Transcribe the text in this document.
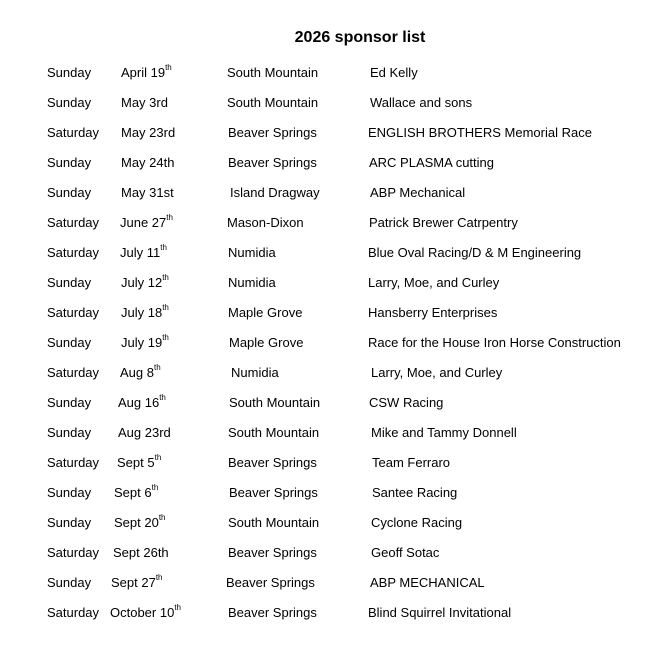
2026 sponsor list
Sunday April 19th	South Mountain	Ed Kelly
Sunday May 3rd	South Mountain	Wallace and sons
Saturday May 23rd	Beaver Springs	ENGLISH BROTHERS Memorial Race
Sunday May 24th	Beaver Springs	ARC PLASMA cutting
Sunday May 31st	Island Dragway	ABP Mechanical
Saturday June 27th	Mason-Dixon	Patrick Brewer Catrpentry
Saturday July 11th	Numidia	Blue Oval Racing/D & M Engineering
Sunday July 12th	Numidia	Larry, Moe, and Curley
Saturday July 18th	Maple Grove	Hansberry Enterprises
Sunday July 19th	Maple Grove	Race for the House Iron Horse Construction
Saturday Aug 8th	Numidia	Larry, Moe, and Curley
Sunday Aug 16th	South Mountain	CSW Racing
Sunday Aug 23rd	South Mountain	Mike and Tammy Donnell
Saturday Sept 5th	Beaver Springs	Team Ferraro
Sunday Sept 6th	Beaver Springs	Santee Racing
Sunday Sept 20th	South Mountain	Cyclone Racing
Saturday Sept 26th	Beaver Springs	Geoff Sotac
Sunday Sept 27th	Beaver Springs	ABP MECHANICAL
Saturday October 10th	Beaver Springs	Blind Squirrel Invitational
